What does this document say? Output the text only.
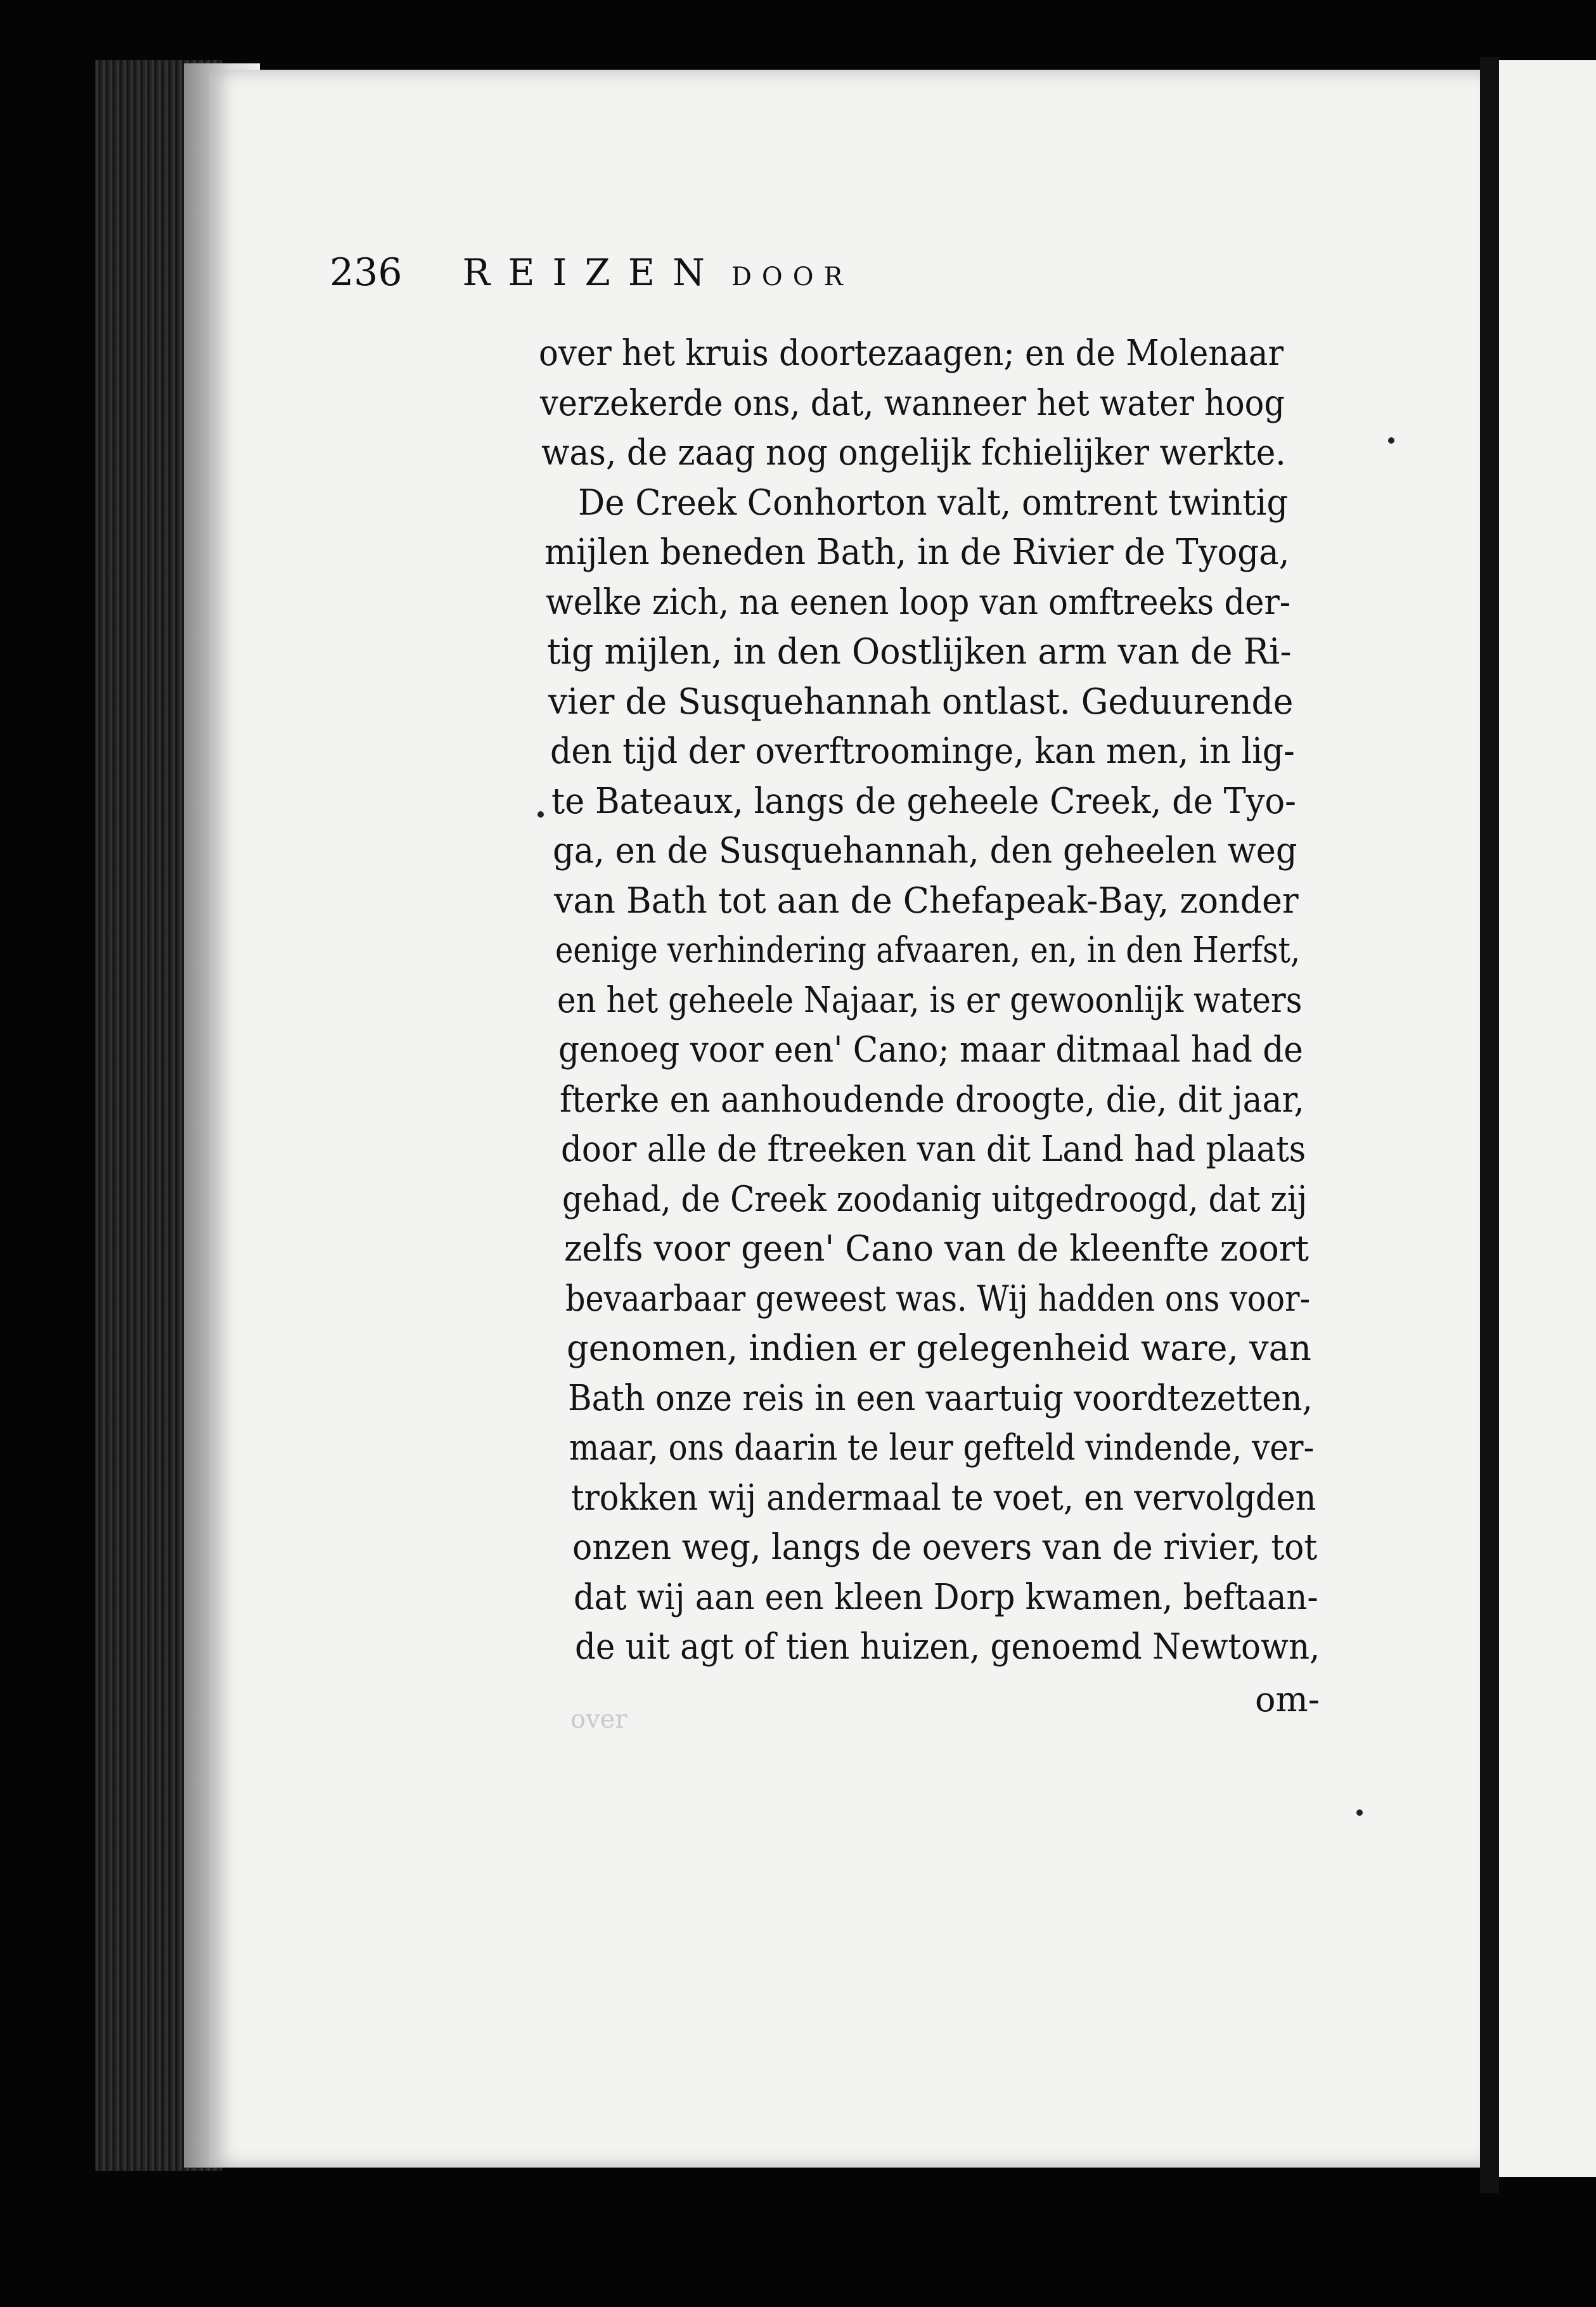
236 REIZEN DOOR
over het kruis doortezaagen; en de Molenaar
verzekerde ons, dat, wanneer het water hoog
was, de zaag nog ongelijk fchielijker werkte.
De Creek Conhorton valt, omtrent twintig
mijlen beneden Bath, in de Rivier de Tyoga,
welke zich, na eenen loop van omftreeks der-
tig mijlen, in den Oostlijken arm van de Ri-
vier de Susquehannah ontlast. Geduurende
den tijd der overftroominge, kan men, in lig-
te Bateaux, langs de geheele Creek, de Tyo-
ga, en de Susquehannah, den geheelen weg
van Bath tot aan de Chefapeak-Bay, zonder
eenige verhindering afvaaren, en, in den Herfst,
en het geheele Najaar, is er gewoonlijk waters
genoeg voor een' Cano; maar ditmaal had de
fterke en aanhoudende droogte, die, dit jaar,
door alle de ftreeken van dit Land had plaats
gehad, de Creek zoodanig uitgedroogd, dat zij
zelfs voor geen' Cano van de kleenfte zoort
bevaarbaar geweest was. Wij hadden ons voor-
genomen, indien er gelegenheid ware, van
Bath onze reis in een vaartuig voordtezetten,
maar, ons daarin te leur gefteld vindende, ver-
trokken wij andermaal te voet, en vervolgden
onzen weg, langs de oevers van de rivier, tot
dat wij aan een kleen Dorp kwamen, beftaan-
de uit agt of tien huizen, genoemd Newtown,
om-
over
